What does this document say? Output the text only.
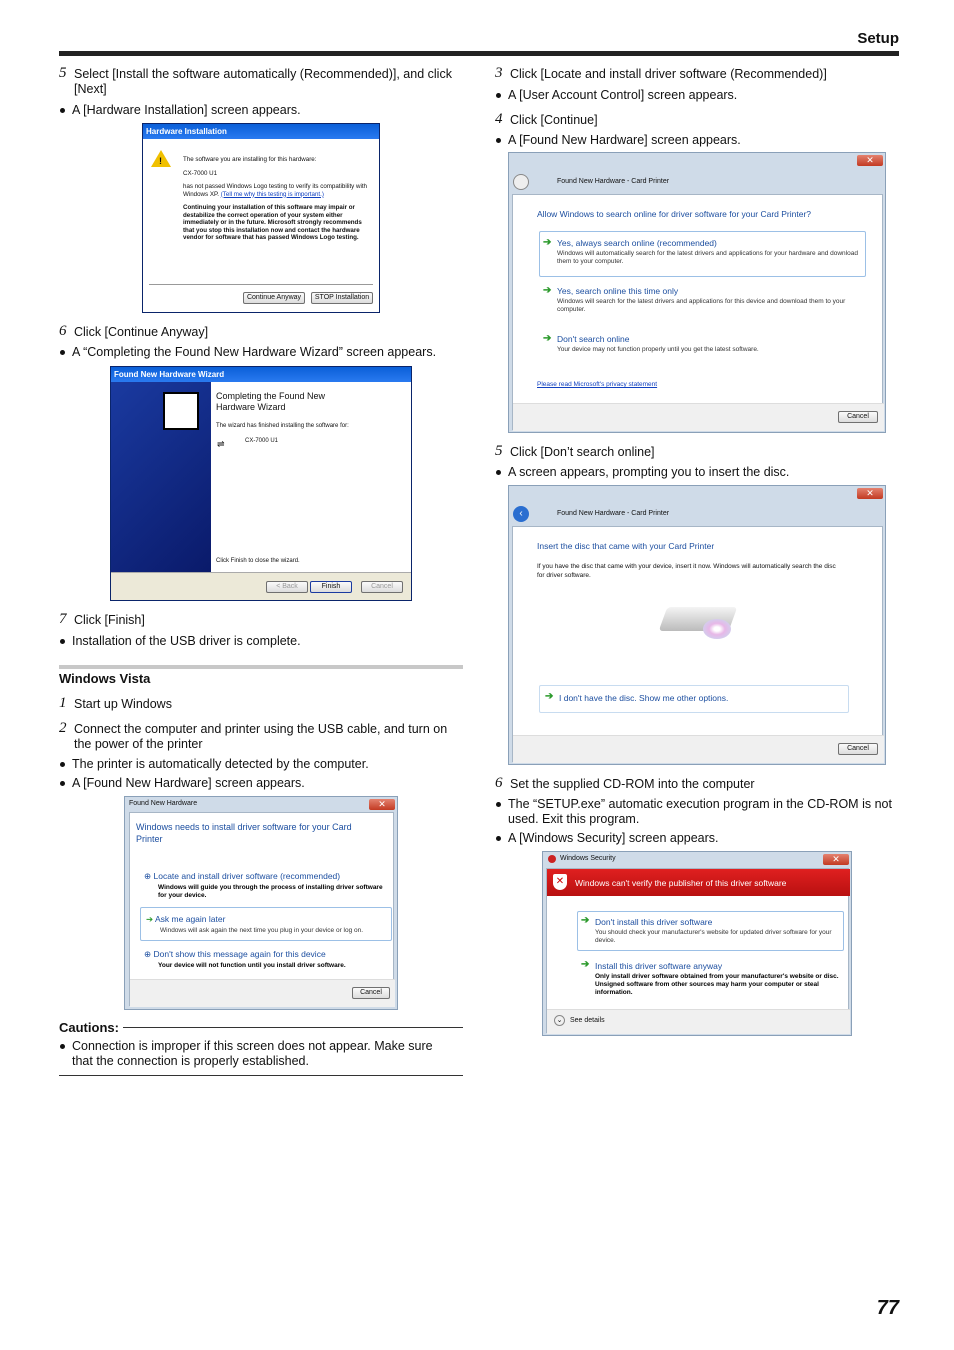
Setup
5 Select [Install the software automatically (Recommended)], and click [Next]
A [Hardware Installation] screen appears.
Hardware Installation
!	The software you are installing for this hardware:
CX-7000 U1
has not passed Windows Logo testing to verify its compatibility with Windows XP. (Tell me why this testing is important.)
Continuing your installation of this software may impair or destabilize the correct operation of your system either immediately or in the future. Microsoft strongly recommends that you stop this installation now and contact the hardware vendor for software that has passed Windows Logo testing.
Continue Anyway	STOP Installation
6 Click [Continue Anyway]
A “Completing the Found New Hardware Wizard” screen appears.
Found New Hardware Wizard
Completing the Found New Hardware Wizard
The wizard has finished installing the software for:
⇌	CX-7000 U1
Click Finish to close the wizard.
< Back	Finish	Cancel
7 Click [Finish]
Installation of the USB driver is complete.
Windows Vista
1 Start up Windows
2 Connect the computer and printer using the USB cable, and turn on the power of the printer
The printer is automatically detected by the computer.
A [Found New Hardware] screen appears.
Found New Hardware	✕
Windows needs to install driver software for your Card Printer
⊕ Locate and install driver software (recommended)
Windows will guide you through the process of installing driver software for your device.
➔ Ask me again later
Windows will ask again the next time you plug in your device or log on.
⊕ Don't show this message again for this device
Your device will not function until you install driver software.
Cancel
Cautions:
Connection is improper if this screen does not appear. Make sure that the connection is properly established.
3 Click [Locate and install driver software (Recommended)]
A [User Account Control] screen appears.
4 Click [Continue]
A [Found New Hardware] screen appears.
✕
Found New Hardware - Card Printer
Allow Windows to search online for driver software for your Card Printer?
➔ Yes, always search online (recommended)
Windows will automatically search for the latest drivers and applications for your hardware and download them to your computer.
➔ Yes, search online this time only
Windows will search for the latest drivers and applications for this device and download them to your computer.
➔ Don't search online
Your device may not function properly until you get the latest software.
Please read Microsoft's privacy statement
Cancel
5 Click [Don’t search online]
A screen appears, prompting you to insert the disc.
✕
‹	Found New Hardware - Card Printer
Insert the disc that came with your Card Printer
If you have the disc that came with your device, insert it now. Windows will automatically search the disc for driver software.
➔ I don't have the disc. Show me other options.
Cancel
6 Set the supplied CD-ROM into the computer
The “SETUP.exe” automatic execution program in the CD-ROM is not used. Exit this program.
A [Windows Security] screen appears.
Windows Security	✕
✕	Windows can't verify the publisher of this driver software
➔ Don't install this driver software
You should check your manufacturer's website for updated driver software for your device.
➔ Install this driver software anyway
Only install driver software obtained from your manufacturer's website or disc. Unsigned software from other sources may harm your computer or steal information.
⌄	See details
77
